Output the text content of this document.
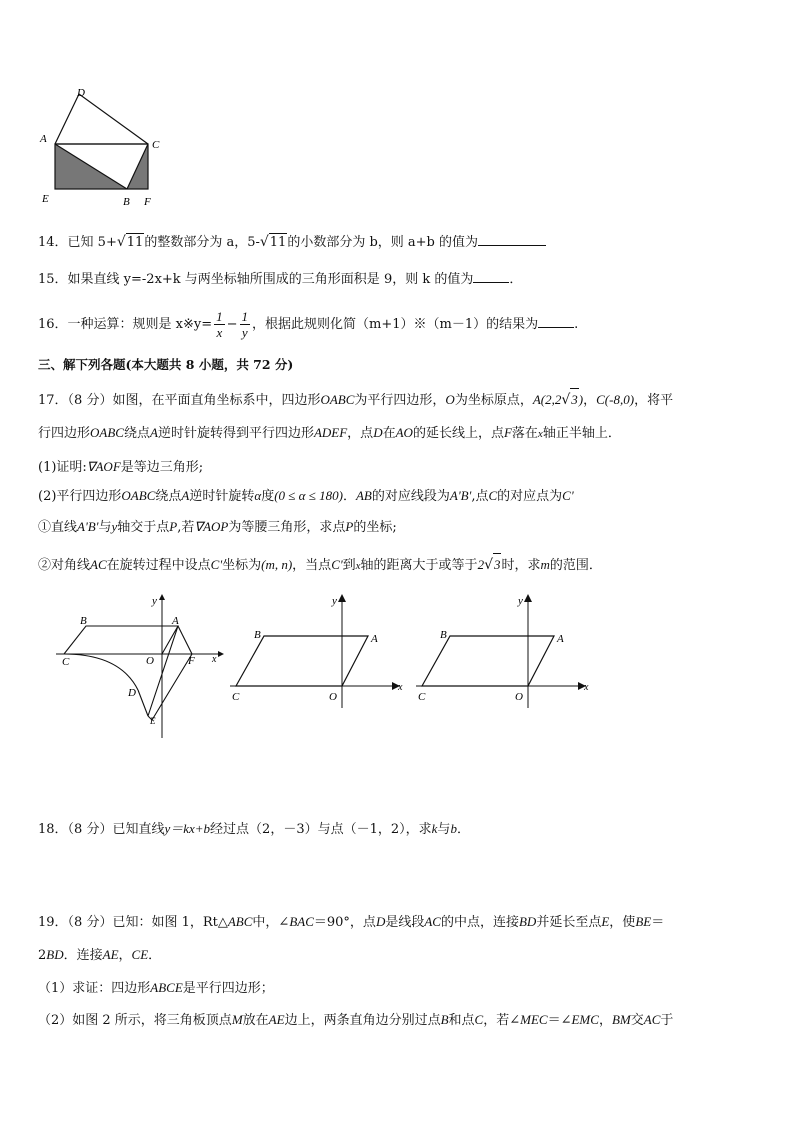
D
A	C
E	B F
14．已知 5+√11的整数部分为 a，5-√11的小数部分为 b，则 a+b 的值为
15．如果直线 y=-2x+k 与两坐标轴所围成的三角形面积是 9，则 k 的值为	．
16．一种运算：规则是 x※y= $\frac{1}{x} - \frac{1}{y}$ ，根据此规则化简（m+1）※（m－1）的结果为	.
三、解下列各题(本大题共 8 小题，共 72 分)
17．（8 分）如图，在平面直角坐标系中，四边形OABC为平行四边形，O为坐标原点，A(2,2√3)，C(-8,0)，将平
行四边形OABC绕点A逆时针旋转得到平行四边形ADEF，点D在AO的延长线上，点F落在x轴正半轴上．
(1)证明:∇AOF是等边三角形;
(2)平行四边形OABC绕点A逆时针旋转α度(0 ≤ α ≤ 180)．AB的对应线段为A'B',点C的对应点为C'
①直线A'B'与y轴交于点P,若∇AOP为等腰三角形，求点P的坐标;
②对角线AC在旋转过程中设点C'坐标为(m, n)，当点C'到x轴的距离大于或等于2√3时，求m的范围．
y
B	A
C	O	F x
D
E
y
B	A
C	O
x
y
B	A
C	O
x
18．（8 分）已知直线y＝kx+b经过点（2，－3）与点（－1，2），求k与b．
19．（8 分）已知：如图 1，Rt△ABC中，∠BAC＝90°，点D是线段AC的中点，连接BD并延长至点E，使BE＝
2BD．连接AE，CE．
（1）求证：四边形ABCE是平行四边形；
（2）如图 2 所示，将三角板顶点M放在AE边上，两条直角边分别过点B和点C，若∠MEC＝∠EMC，BM交AC于
